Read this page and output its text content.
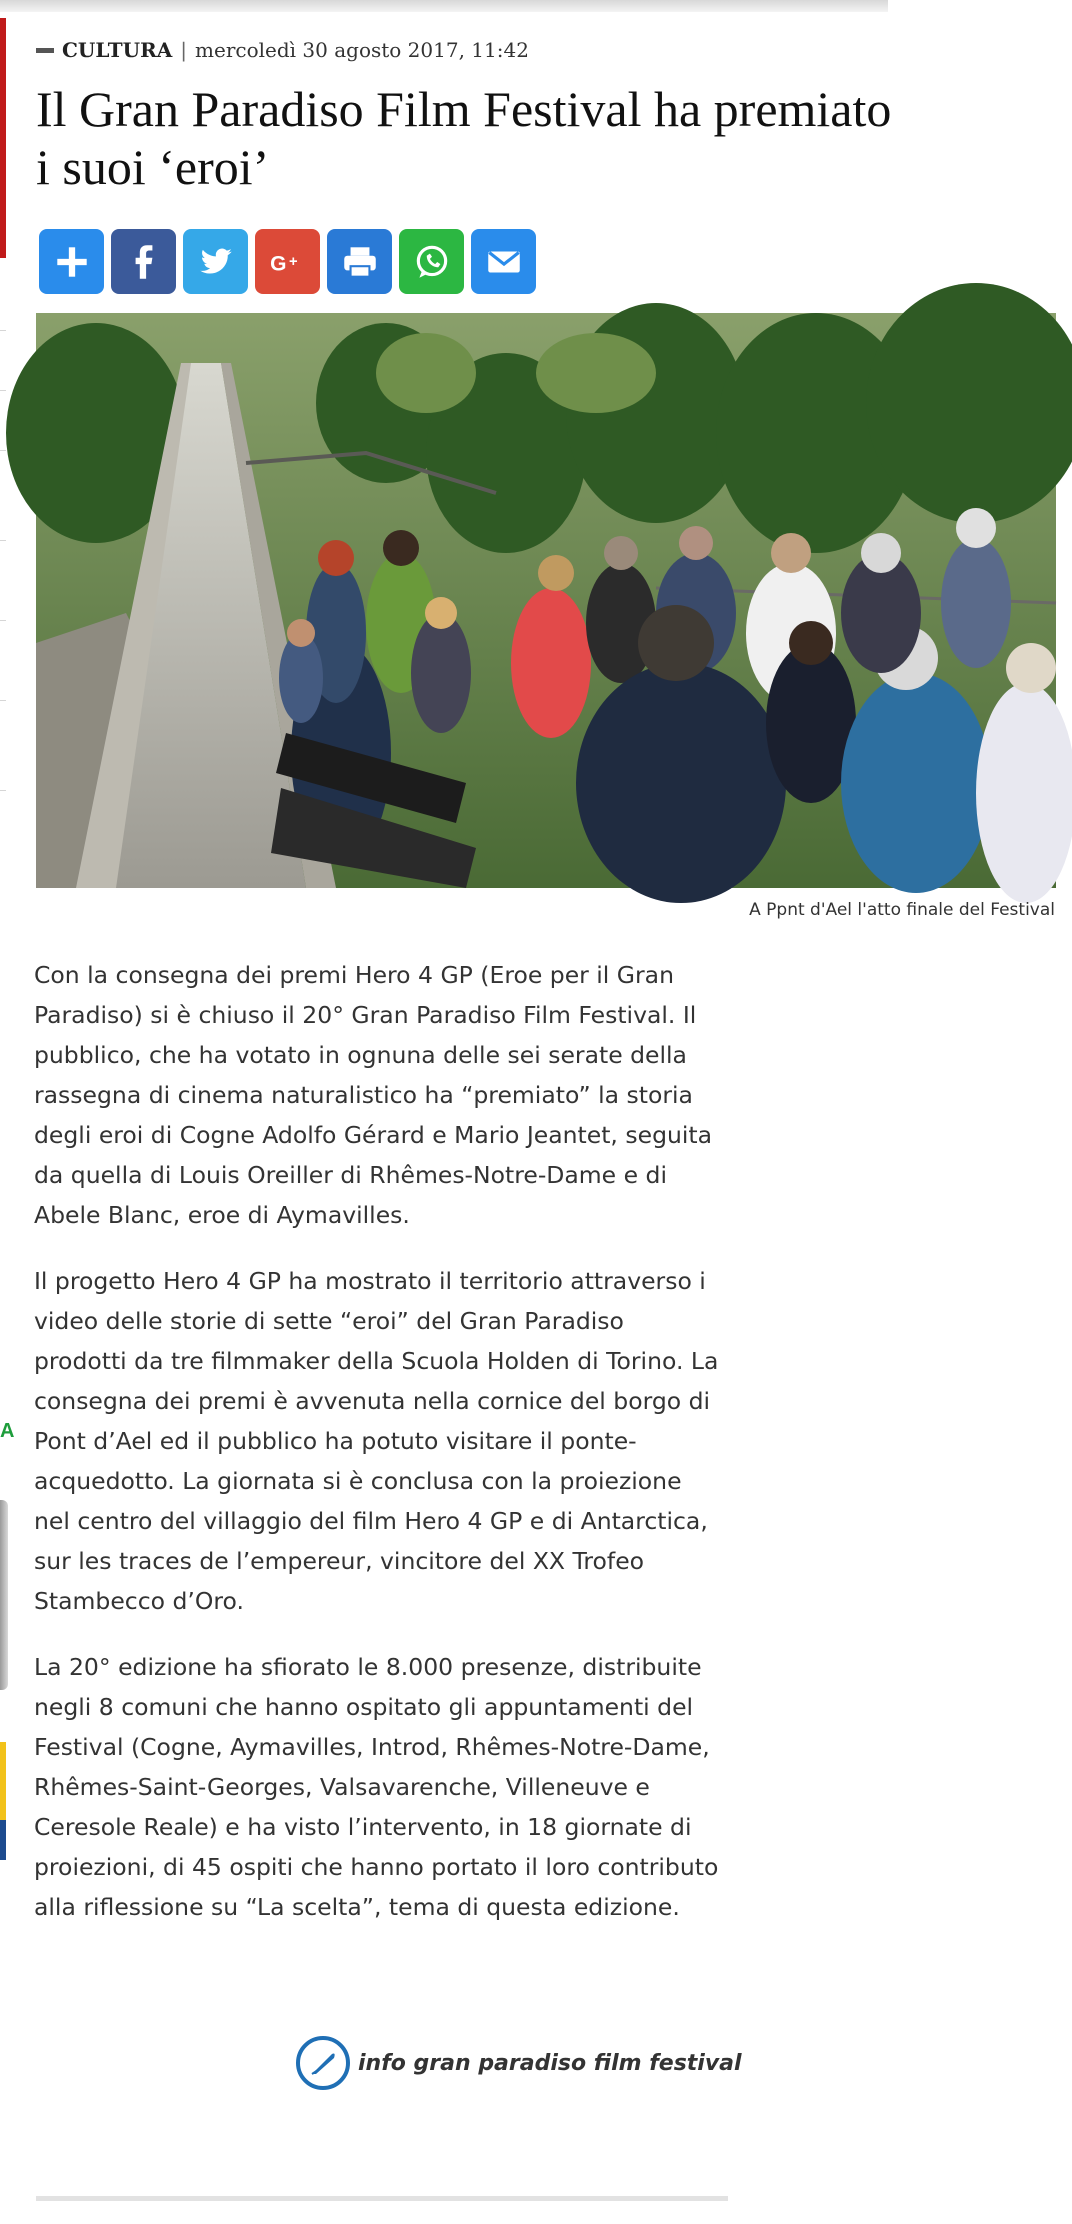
A
CULTURA | mercoledì 30 agosto 2017, 11:42
Il Gran Paradiso Film Festival ha premiato i suoi ‘eroi’
G +
A Ppnt d'Ael l'atto finale del Festival

Con la consegna dei premi Hero 4 GP (Eroe per il Gran Paradiso) si è chiuso il 20° Gran Paradiso Film Festival. Il pubblico, che ha votato in ognuna delle sei serate della rassegna di cinema naturalistico ha “premiato” la storia degli eroi di Cogne Adolfo Gérard e Mario Jeantet, seguita da quella di Louis Oreiller di Rhêmes-Notre-Dame e di Abele Blanc, eroe di Aymavilles.

Il progetto Hero 4 GP ha mostrato il territorio attraverso i video delle storie di sette “eroi” del Gran Paradiso prodotti da tre filmmaker della Scuola Holden di Torino. La consegna dei premi è avvenuta nella cornice del borgo di Pont d’Ael ed il pubblico ha potuto visitare il ponte-acquedotto. La giornata si è conclusa con la proiezione nel centro del villaggio del film Hero 4 GP e di Antarctica, sur les traces de l’empereur, vincitore del XX Trofeo Stambecco d’Oro.

La 20° edizione ha sfiorato le 8.000 presenze, distribuite negli 8 comuni che hanno ospitato gli appuntamenti del Festival (Cogne, Aymavilles, Introd, Rhêmes-Notre-Dame, Rhêmes-Saint-Georges, Valsavarenche, Villeneuve e Ceresole Reale) e ha visto l’intervento, in 18 giornate di proiezioni, di 45 ospiti che hanno portato il loro contributo alla riflessione su “La scelta”, tema di questa edizione.

info gran paradiso film festival
